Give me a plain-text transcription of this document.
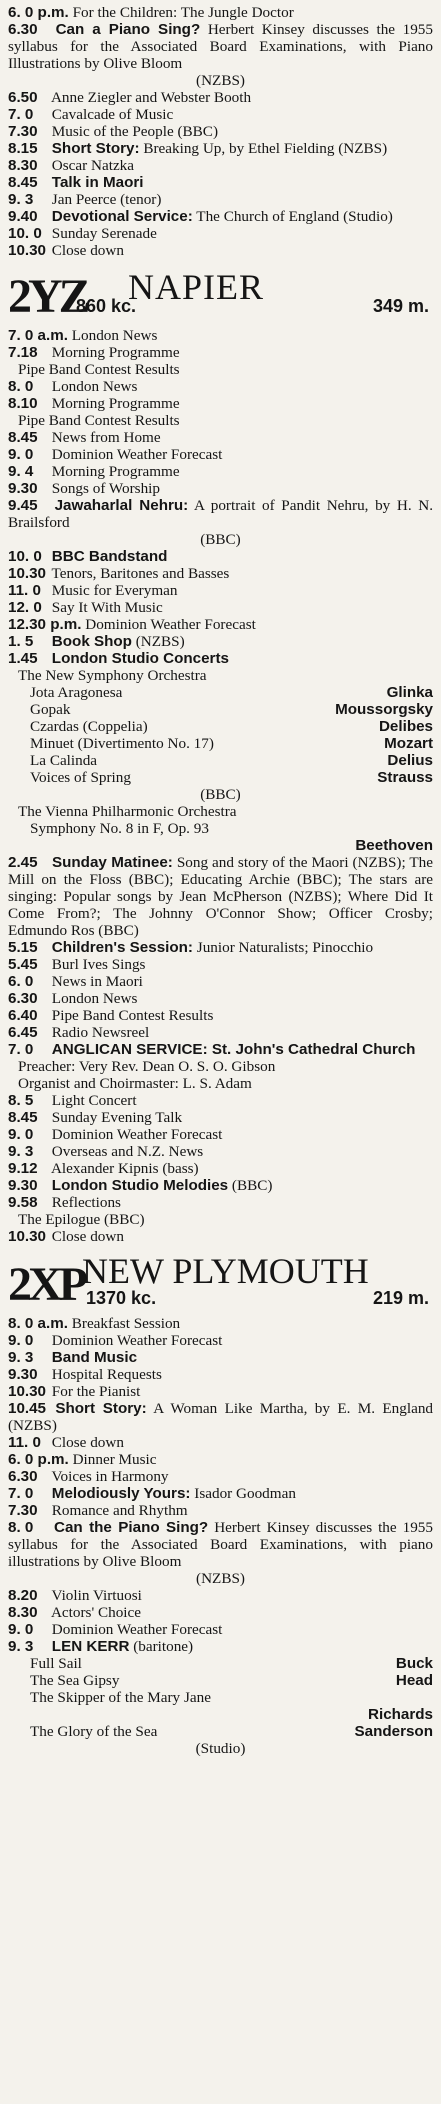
6. 0 p.m. For the Children: The Jungle Doctor
6.30 Can a Piano Sing? Herbert Kinsey discusses the 1955 syllabus for the Associated Board Examinations, with Piano Illustrations by Olive Bloom
(NZBS)
6.50 Anne Ziegler and Webster Booth
7. 0 Cavalcade of Music
7.30 Music of the People (BBC)
8.15 Short Story: Breaking Up, by Ethel Fielding (NZBS)
8.30 Oscar Natzka
8.45 Talk in Maori
9. 3 Jan Peerce (tenor)
9.40 Devotional Service: The Church of England (Studio)
10. 0 Sunday Serenade
10.30 Close down
2YZ NAPIER
860 kc.	349 m.
7. 0 a.m. London News
7.18 Morning Programme
Pipe Band Contest Results
8. 0 London News
8.10 Morning Programme
Pipe Band Contest Results
8.45 News from Home
9. 0 Dominion Weather Forecast
9. 4 Morning Programme
9.30 Songs of Worship
9.45 Jawaharlal Nehru: A portrait of Pandit Nehru, by H. N. Brailsford
(BBC)
10. 0 BBC Bandstand
10.30 Tenors, Baritones and Basses
11. 0 Music for Everyman
12. 0 Say It With Music
12.30 p.m. Dominion Weather Forecast
1. 5 Book Shop (NZBS)
1.45 London Studio Concerts
The New Symphony Orchestra
Jota Aragonesa	Glinka
Gopak	Moussorgsky
Czardas (Coppelia)	Delibes
Minuet (Divertimento No. 17)	Mozart
La Calinda	Delius
Voices of Spring	Strauss
(BBC)
The Vienna Philharmonic Orchestra
Symphony No. 8 in F, Op. 93
Beethoven
2.45 Sunday Matinee: Song and story of the Maori (NZBS); The Mill on the Floss (BBC); Educating Archie (BBC); The stars are singing: Popular songs by Jean McPherson (NZBS); Where Did It Come From?; The Johnny O'Connor Show; Officer Crosby; Edmundo Ros (BBC)
5.15 Children's Session: Junior Naturalists; Pinocchio
5.45 Burl Ives Sings
6. 0 News in Maori
6.30 London News
6.40 Pipe Band Contest Results
6.45 Radio Newsreel
7. 0 ANGLICAN SERVICE: St. John's Cathedral Church
Preacher: Very Rev. Dean O. S. O. Gibson
Organist and Choirmaster: L. S. Adam
8. 5 Light Concert
8.45 Sunday Evening Talk
9. 0 Dominion Weather Forecast
9. 3 Overseas and N.Z. News
9.12 Alexander Kipnis (bass)
9.30 London Studio Melodies (BBC)
9.58 Reflections
The Epilogue (BBC)
10.30 Close down
2XP
NEW PLYMOUTH
1370 kc.	219 m.
8. 0 a.m. Breakfast Session
9. 0 Dominion Weather Forecast
9. 3 Band Music
9.30 Hospital Requests
10.30 For the Pianist
10.45 Short Story: A Woman Like Martha, by E. M. England (NZBS)
11. 0 Close down
6. 0 p.m. Dinner Music
6.30 Voices in Harmony
7. 0 Melodiously Yours: Isador Goodman
7.30 Romance and Rhythm
8. 0 Can the Piano Sing? Herbert Kinsey discusses the 1955 syllabus for the Associated Board Examinations, with piano illustrations by Olive Bloom
(NZBS)
8.20 Violin Virtuosi
8.30 Actors' Choice
9. 0 Dominion Weather Forecast
9. 3 LEN KERR (baritone)
Full Sail	Buck
The Sea Gipsy	Head
The Skipper of the Mary Jane
Richards
The Glory of the Sea	Sanderson
(Studio)
